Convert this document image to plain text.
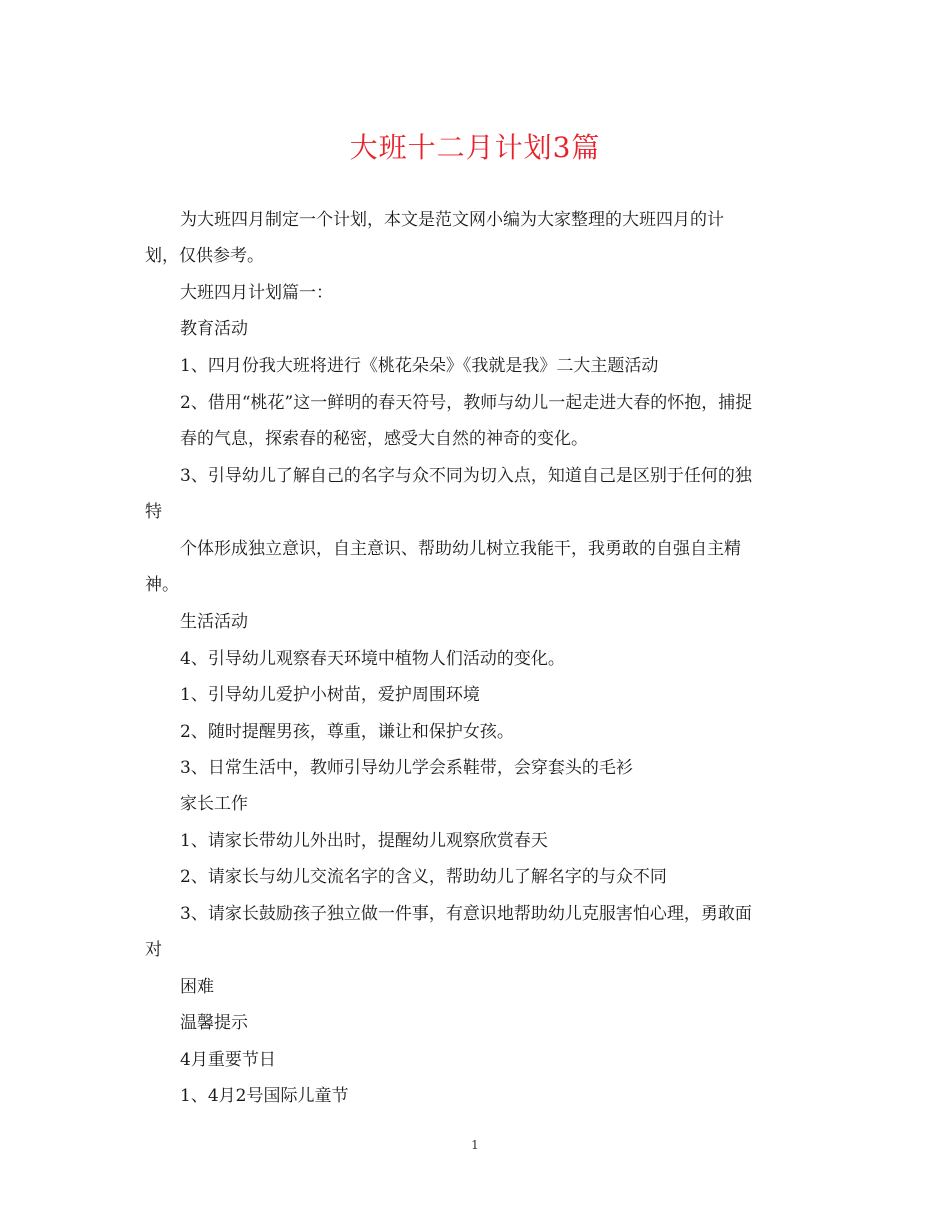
大班十二月计划3篇
为大班四月制定一个计划，本文是范文网小编为大家整理的大班四月的计
划，仅供参考。
大班四月计划篇一：
教育活动
1、四月份我大班将进行《桃花朵朵》《我就是我》二大主题活动
2、借用“桃花”这一鲜明的春天符号，教师与幼儿一起走进大春的怀抱，捕捉
春的气息，探索春的秘密，感受大自然的神奇的变化。
3、引导幼儿了解自己的名字与众不同为切入点，知道自己是区别于任何的独
特
个体形成独立意识，自主意识、帮助幼儿树立我能干，我勇敢的自强自主精
神。
生活活动
4、引导幼儿观察春天环境中植物人们活动的变化。
1、引导幼儿爱护小树苗，爱护周围环境
2、随时提醒男孩，尊重，谦让和保护女孩。
3、日常生活中，教师引导幼儿学会系鞋带，会穿套头的毛衫
家长工作
1、请家长带幼儿外出时，提醒幼儿观察欣赏春天
2、请家长与幼儿交流名字的含义，帮助幼儿了解名字的与众不同
3、请家长鼓励孩子独立做一件事，有意识地帮助幼儿克服害怕心理，勇敢面
对
困难
温馨提示
4月重要节日
1、4月2号国际儿童节
1
